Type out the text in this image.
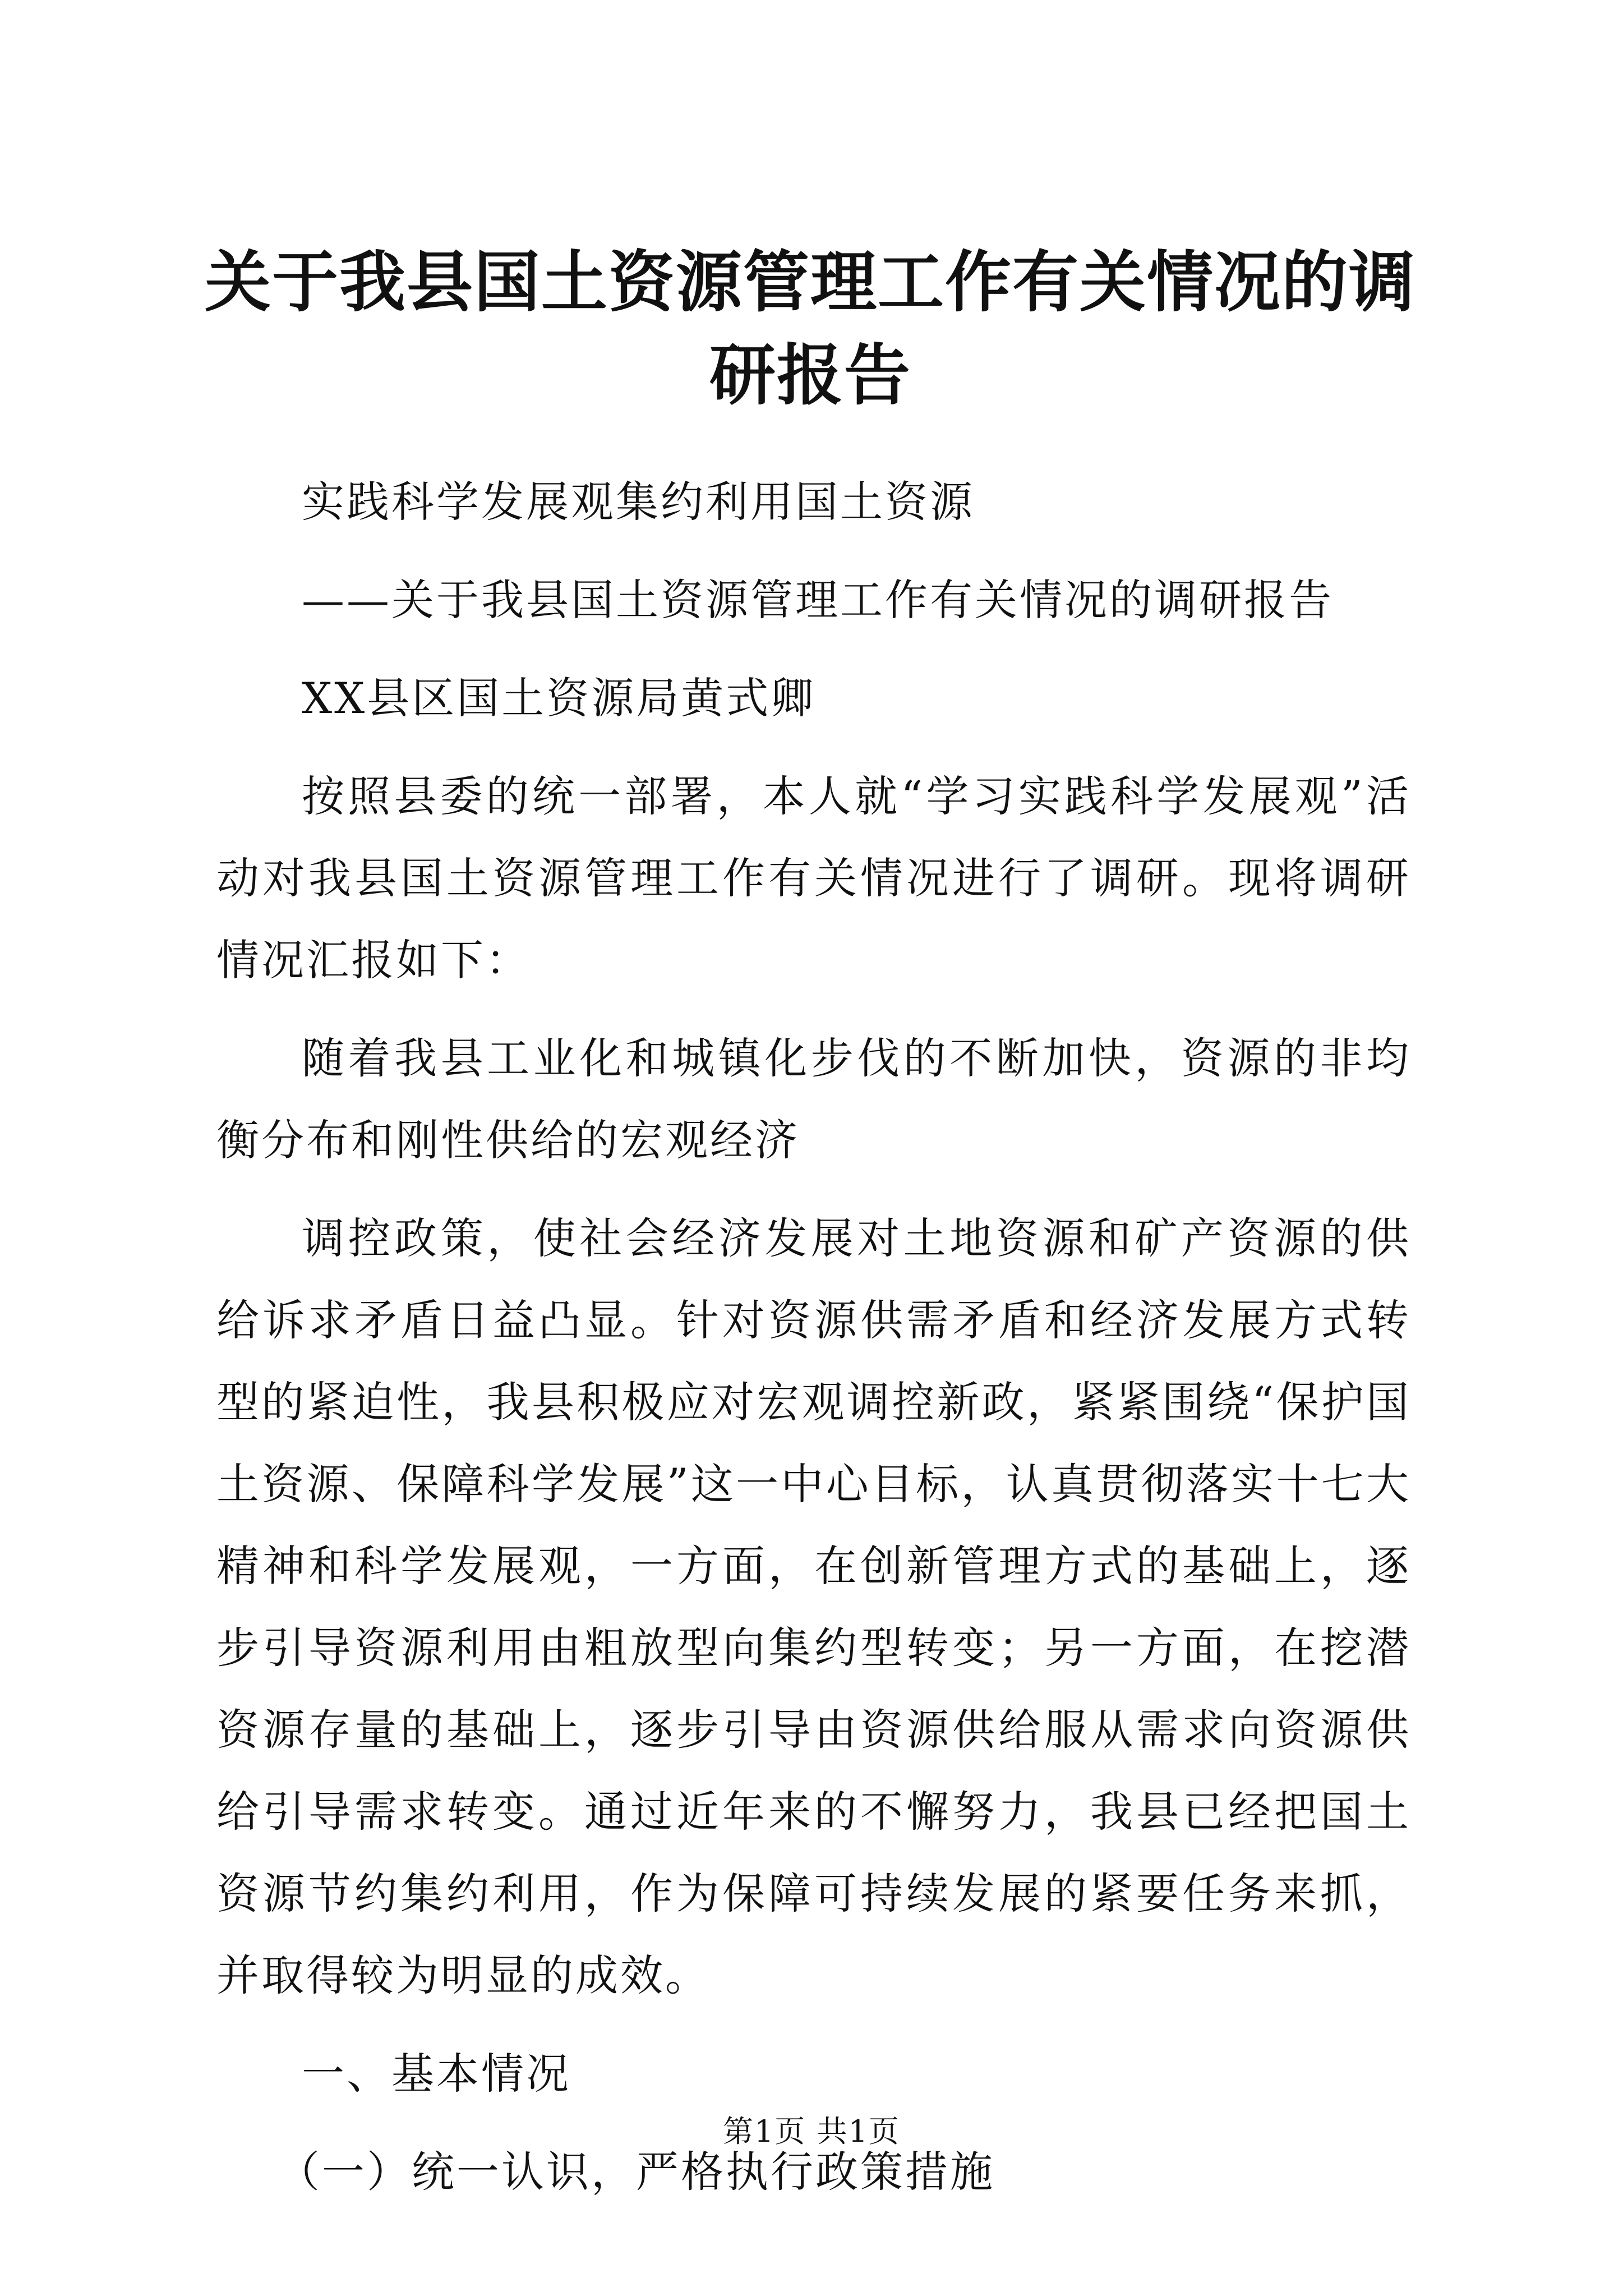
关于我县国土资源管理工作有关情况的调研报告

实践科学发展观集约利用国土资源

——关于我县国土资源管理工作有关情况的调研报告

XX县区国土资源局黄式卿

按照县委的统一部署，本人就“学习实践科学发展观”活动对我县国土资源管理工作有关情况进行了调研。现将调研情况汇报如下：

随着我县工业化和城镇化步伐的不断加快，资源的非均衡分布和刚性供给的宏观经济

调控政策，使社会经济发展对土地资源和矿产资源的供给诉求矛盾日益凸显。针对资源供需矛盾和经济发展方式转型的紧迫性，我县积极应对宏观调控新政，紧紧围绕“保护国土资源、保障科学发展”这一中心目标，认真贯彻落实十七大精神和科学发展观，一方面，在创新管理方式的基础上，逐步引导资源利用由粗放型向集约型转变；另一方面，在挖潜资源存量的基础上，逐步引导由资源供给服从需求向资源供给引导需求转变。通过近年来的不懈努力，我县已经把国土资源节约集约利用，作为保障可持续发展的紧要任务来抓，并取得较为明显的成效。

一、基本情况

（一）统一认识，严格执行政策措施

第1页 共1页
